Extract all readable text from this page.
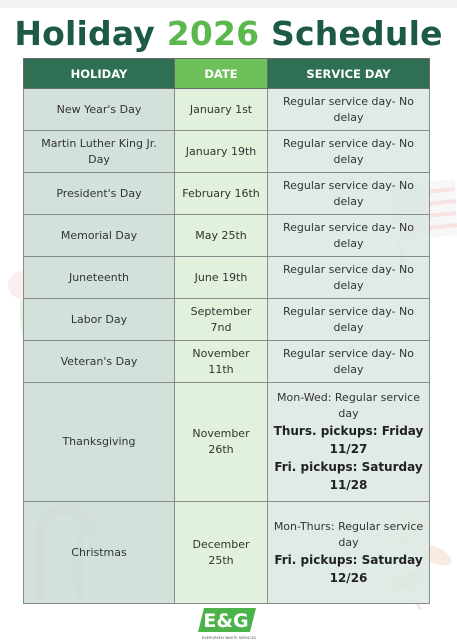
Holiday 2026 Schedule
HOLIDAY	DATE	SERVICE DAY
New Year's Day	January 1st	Regular service day- No delay
Martin Luther King Jr. Day	January 19th	Regular service day- No delay
President's Day	February 16th	Regular service day- No delay
Memorial Day	May 25th	Regular service day- No delay
Juneteenth	June 19th	Regular service day- No delay
Labor Day	September 7nd	Regular service day- No delay
Veteran's Day	November 11th	Regular service day- No delay
Thanksgiving	November 26th	Mon-Wed: Regular service day
Thurs. pickups: Friday 11/27
Fri. pickups: Saturday 11/28

Christmas	December 25th	Mon-Thurs: Regular service day
Fri. pickups: Saturday 12/26
E&G
EVERGREEN WASTE SERVICES
